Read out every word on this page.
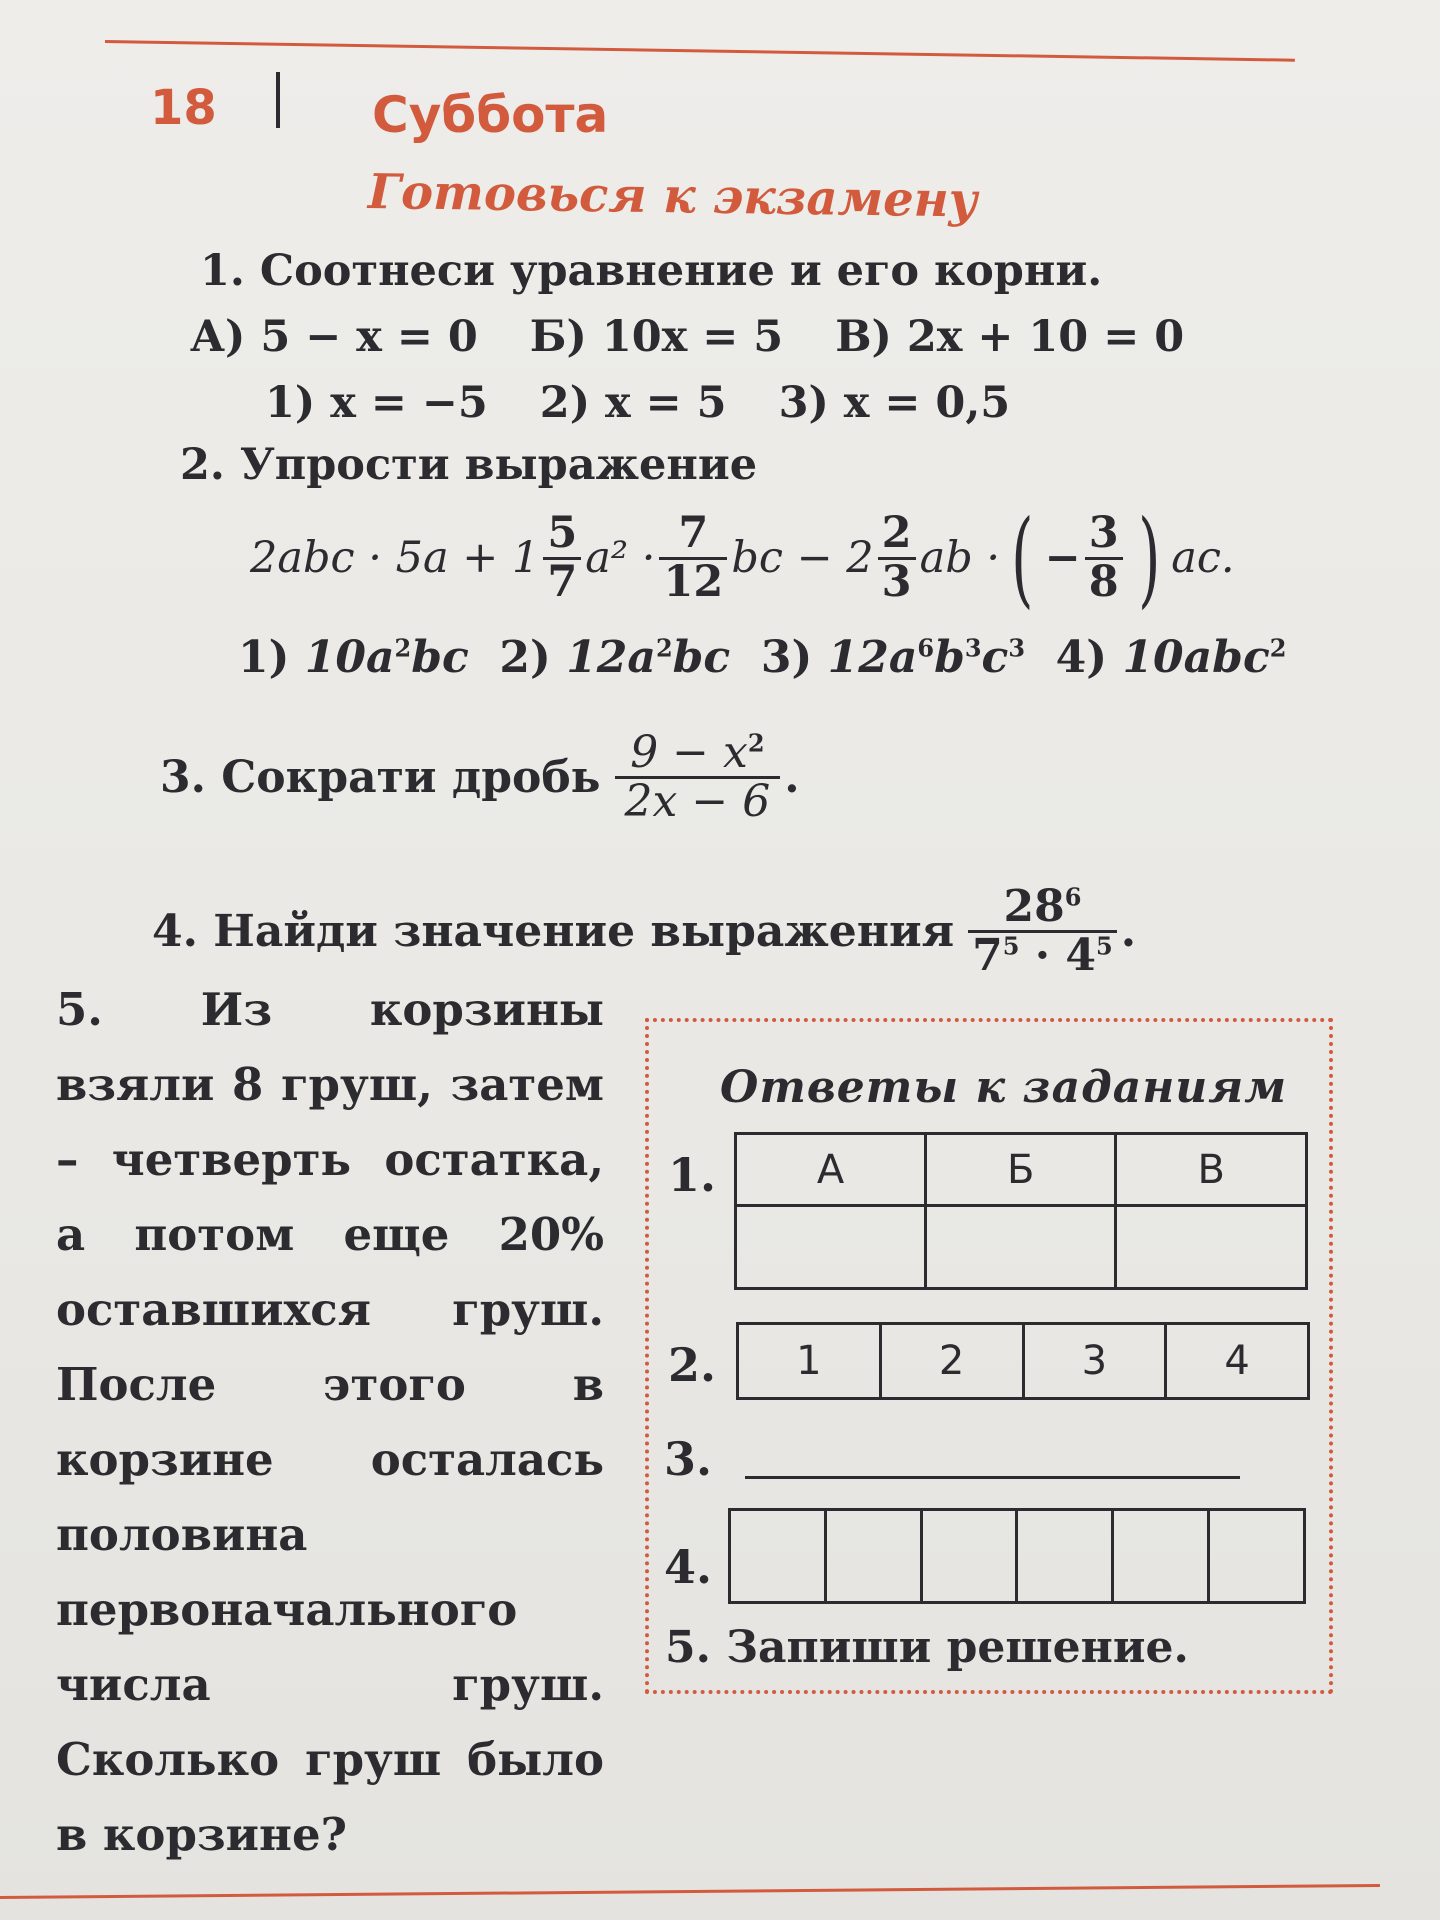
18	Суббота
Готовься к экзамену
1. Соотнеси уравнение и его корни.
А) 5 − x = 0 Б) 10x = 5 В) 2x + 10 = 0
1) x = −5 2) x = 5 3) x = 0,5
2. Упрости выражение
$2abc \cdot 5a + 1 \frac{5}{7} a^2 \cdot \frac{7}{12}$ bc − $2 \frac{2}{3}$ ab · ( − $\frac{3}{8}$ ) ac.
1) $10a^2bc$ 2) $12a^2bc$ 3) $12a^6b^3c^3$ 4) 10abc$^2$
3. Сократи дробь $\frac{9 - x^2}{2x - 6}$ .
4. Найди значение выражения $\frac{28^6}{7^5 \cdot 4^5}$ .
5. Из корзины взяли 8 груш, затем – четверть остатка, а потом еще 20% оставшихся груш. После этого в корзине осталась половина первоначального числа груш. Сколько груш было в корзине?
Ответы к заданиям
1.	А	Б	В

2. 1	2	3	4
3.
4.

5. Запиши решение.
